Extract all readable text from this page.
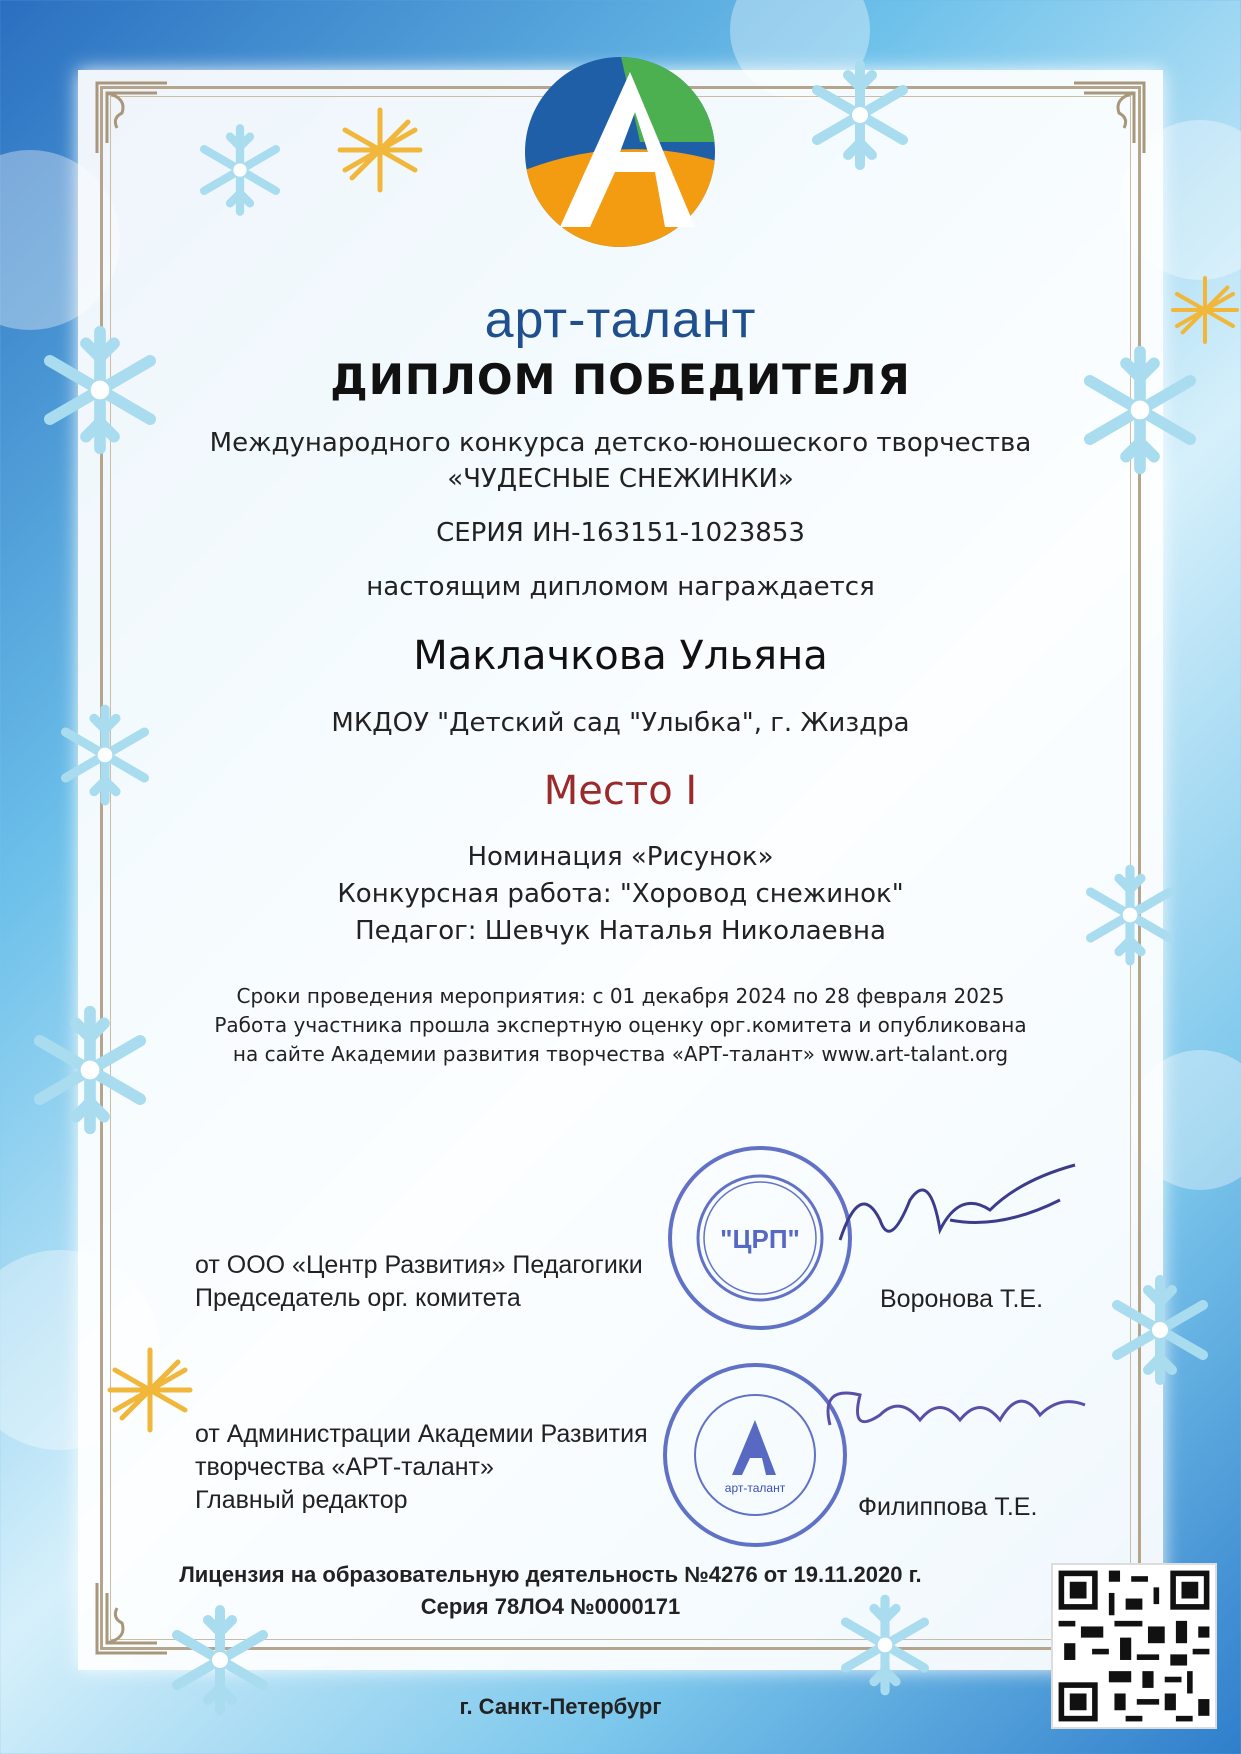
арт-талант
ДИПЛОМ ПОБЕДИТЕЛЯ
Международного конкурса детско-юношеского творчества
«ЧУДЕСНЫЕ СНЕЖИНКИ»
СЕРИЯ ИН-163151-1023853
настоящим дипломом награждается
Маклачкова Ульяна
МКДОУ "Детский сад "Улыбка", г. Жиздра
Место I
Номинация «Рисунок»
Конкурсная работа: "Хоровод снежинок"
Педагог: Шевчук Наталья Николаевна
Сроки проведения мероприятия: с 01 декабря 2024 по 28 февраля 2025
Работа участника прошла экспертную оценку орг.комитета и опубликована
на сайте Академии развития творчества «АРТ-талант» www.art-talant.org
от ООО «Центр Развития» Педагогики
Председатель орг. комитета
"ЦРП"
Воронова Т.Е.
от Администрации Академии Развития
творчества «АРТ-талант»
Главный редактор	арт-талант
Филиппова Т.Е.
Лицензия на образовательную деятельность №4276 от 19.11.2020 г.
Серия 78ЛО4 №0000171
г. Санкт-Петербург
